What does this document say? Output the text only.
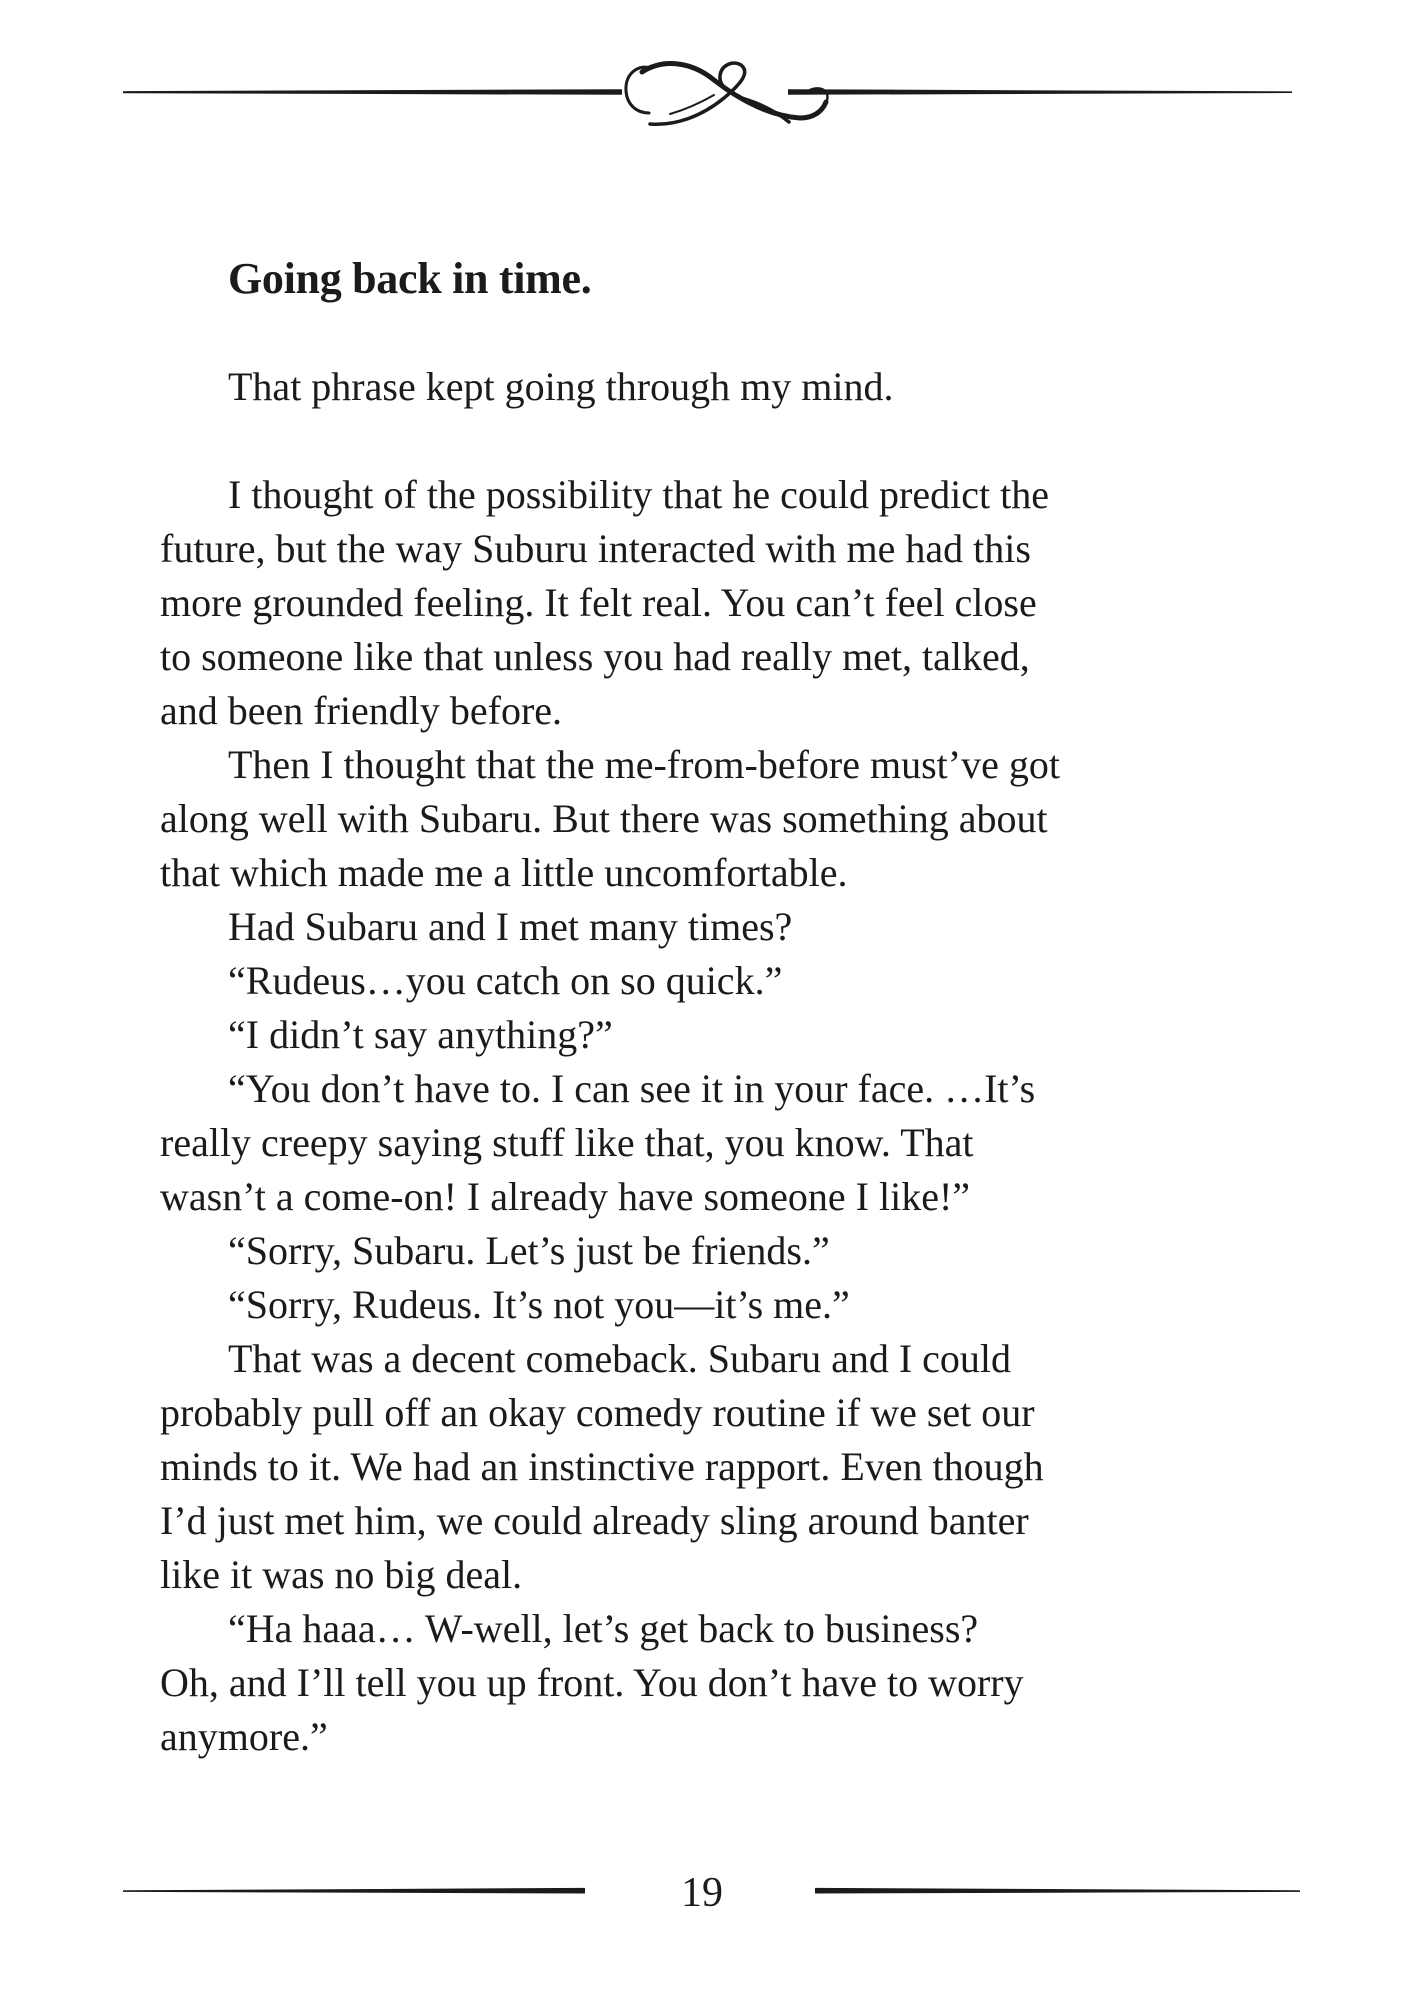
Going back in time.
That phrase kept going through my mind.
I thought of the possibility that he could predict the
future, but the way Suburu interacted with me had this
more grounded feeling. It felt real. You can’t feel close
to someone like that unless you had really met, talked,
and been friendly before.
Then I thought that the me-from-before must’ve got
along well with Subaru. But there was something about
that which made me a little uncomfortable.
Had Subaru and I met many times?
“Rudeus…you catch on so quick.”
“I didn’t say anything?”
“You don’t have to. I can see it in your face. …It’s
really creepy saying stuff like that, you know. That
wasn’t a come-on! I already have someone I like!”
“Sorry, Subaru. Let’s just be friends.”
“Sorry, Rudeus. It’s not you—it’s me.”
That was a decent comeback. Subaru and I could
probably pull off an okay comedy routine if we set our
minds to it. We had an instinctive rapport. Even though
I’d just met him, we could already sling around banter
like it was no big deal.
“Ha haaa… W-well, let’s get back to business?
Oh, and I’ll tell you up front. You don’t have to worry
anymore.”
19
